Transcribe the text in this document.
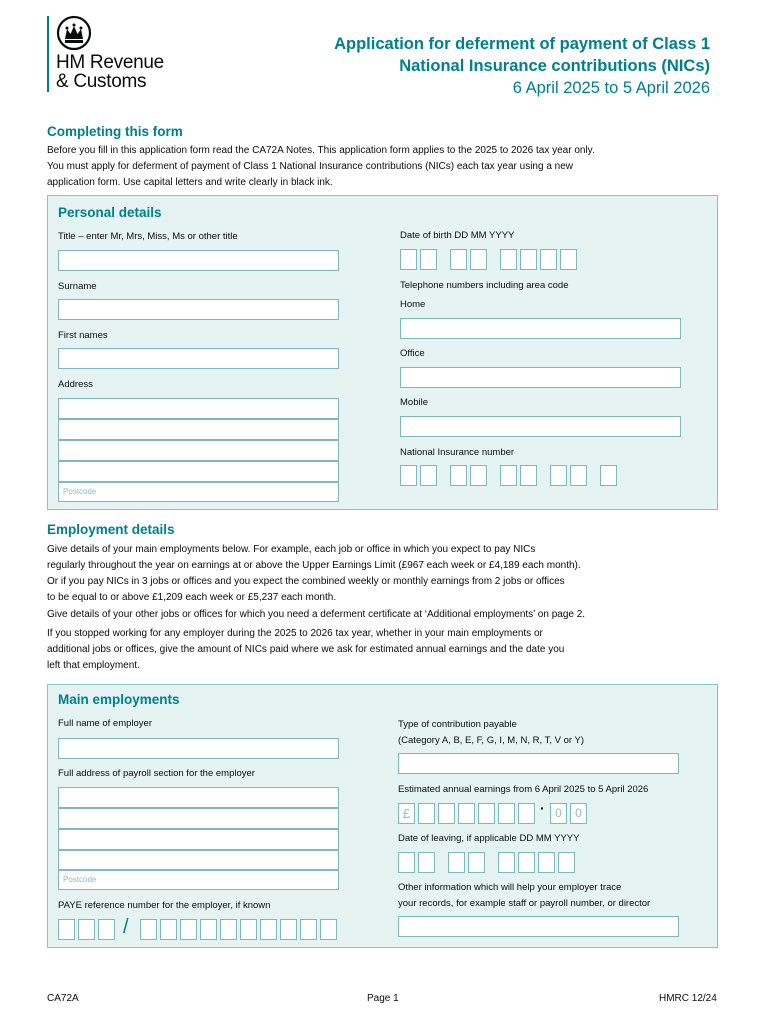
HM Revenue
& Customs
Application for deferment of payment of Class 1
National Insurance contributions (NICs)
6 April 2025 to 5 April 2026
Completing this form
Before you fill in this application form read the CA72A Notes. This application form applies to the 2025 to 2026 tax year only.
You must apply for deferment of payment of Class 1 National Insurance contributions (NICs) each tax year using a new
application form. Use capital letters and write clearly in black ink.
Personal details
Title – enter Mr, Mrs, Miss, Ms or other title
Surname
First names
Address
Postcode
Date of birth DD MM YYYY
Telephone numbers including area code
Home
Office
Mobile
National Insurance number
Employment details
Give details of your main employments below. For example, each job or office in which you expect to pay NICs
regularly throughout the year on earnings at or above the Upper Earnings Limit (£967 each week or £4,189 each month).
Or if you pay NICs in 3 jobs or offices and you expect the combined weekly or monthly earnings from 2 jobs or offices
to be equal to or above £1,209 each week or £5,237 each month.
Give details of your other jobs or offices for which you need a deferment certificate at ‘Additional employments’ on page 2.
If you stopped working for any employer during the 2025 to 2026 tax year, whether in your main employments or
additional jobs or offices, give the amount of NICs paid where we ask for estimated annual earnings and the date you
left that employment.
Main employments
Full name of employer
Full address of payroll section for the employer
Postcode
PAYE reference number for the employer, if known
/
Type of contribution payable
(Category A, B, E, F, G, I, M, N, R, T, V or Y)
Estimated annual earnings from 6 April 2025 to 5 April 2026
£	· 0	0
Date of leaving, if applicable DD MM YYYY
Other information which will help your employer trace
your records, for example staff or payroll number, or director
CA72A	Page 1	HMRC 12/24
